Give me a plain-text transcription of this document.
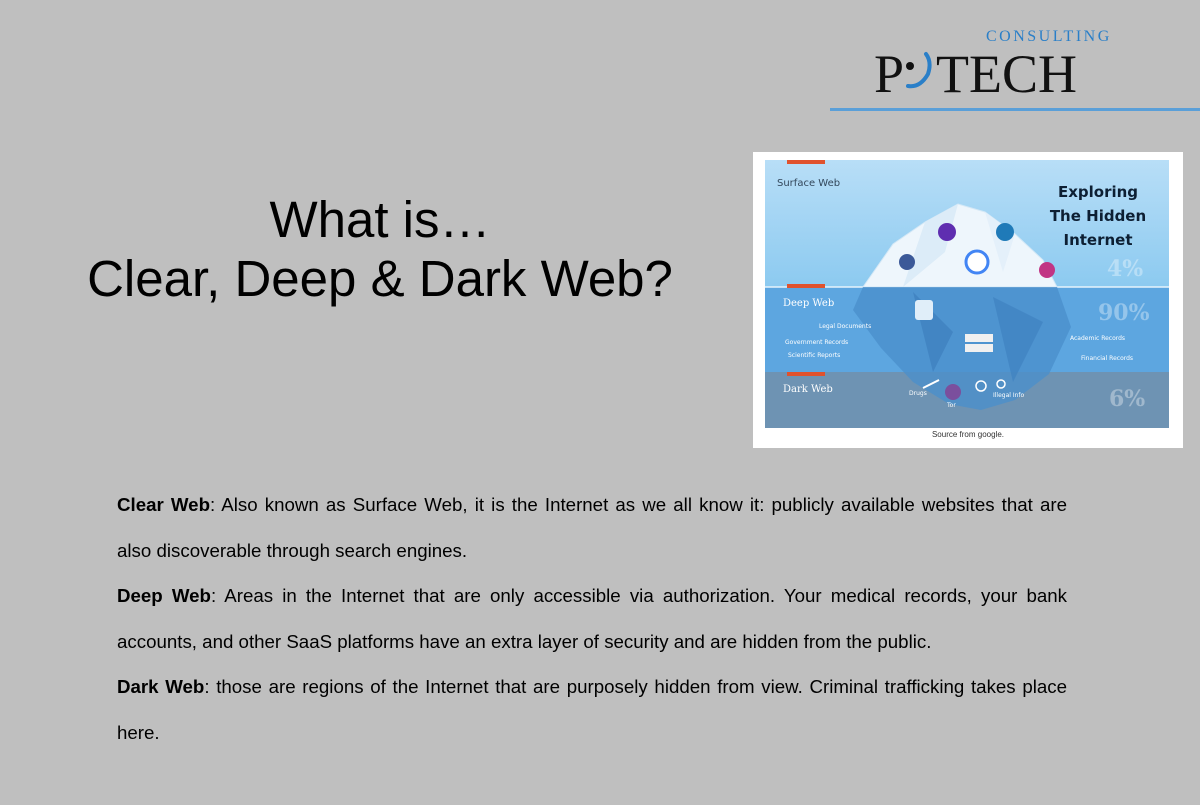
CONSULTING
P TECH
What is…
Clear, Deep & Dark Web?
Surface Web
Deep Web
Dark Web
Exploring
The Hidden
Internet
4%
90%
6%
Legal Documents
Government Records
Scientific Reports
Academic Records
Financial Records
Drugs
Tor
Illegal Info
Source from google.

Clear Web: Also known as Surface Web, it is the Internet as we all know it: publicly available websites that are also discoverable through search engines.

Deep Web: Areas in the Internet that are only accessible via authorization. Your medical records, your bank accounts, and other SaaS platforms have an extra layer of security and are hidden from the public.

Dark Web: those are regions of the Internet that are purposely hidden from view. Criminal trafficking takes place here.
